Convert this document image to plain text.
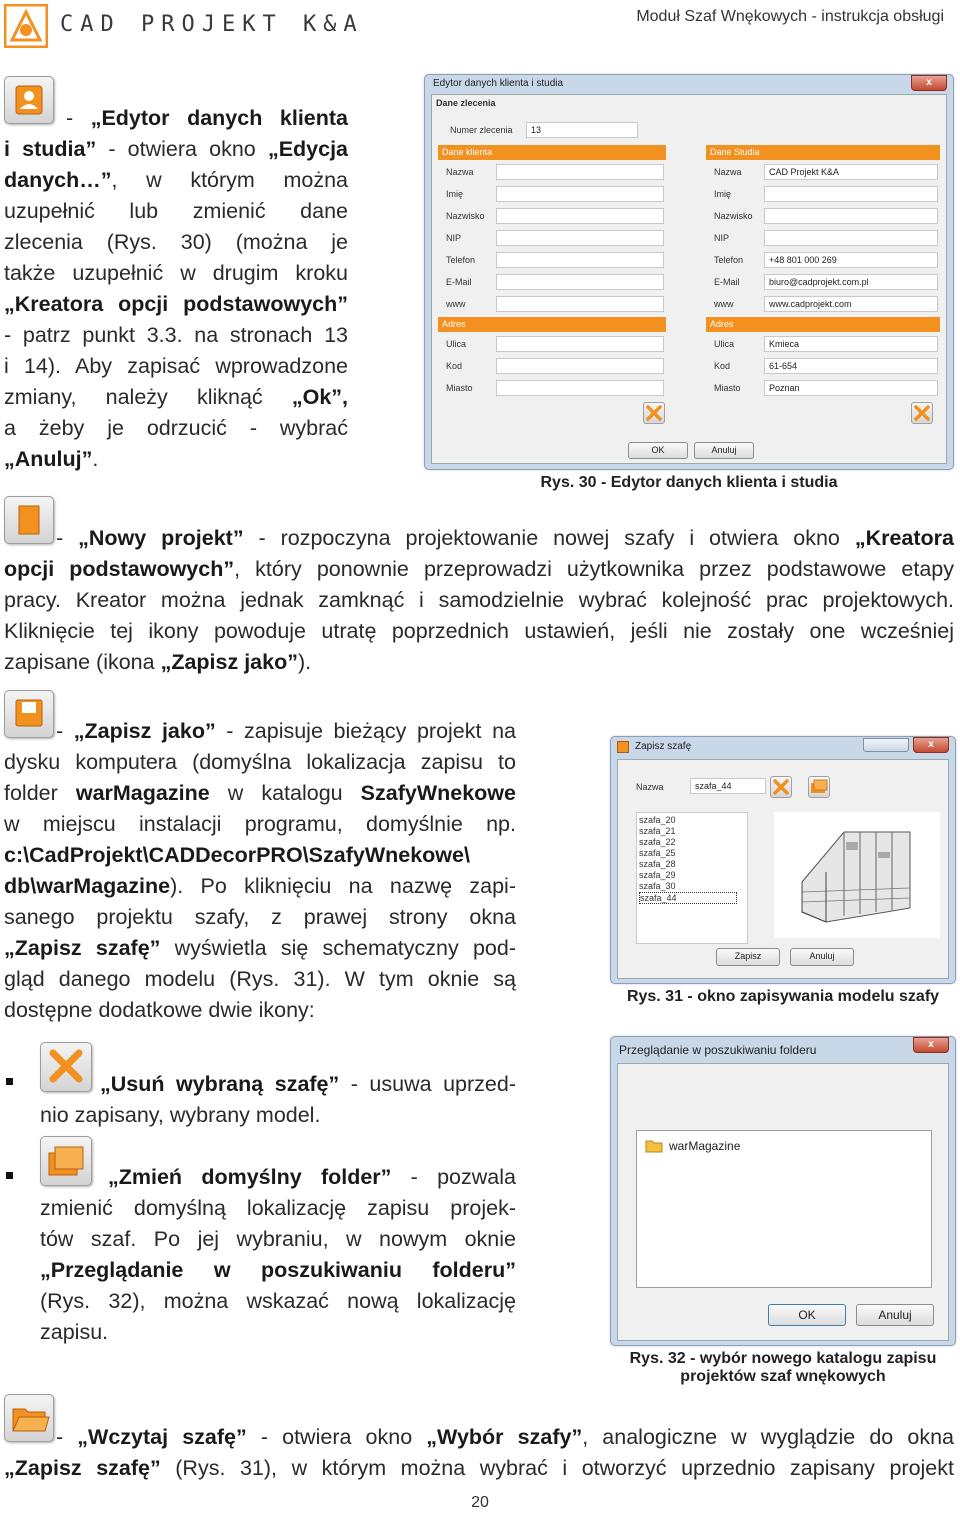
CAD PROJEKT K&A	Moduł Szaf Wnękowych - instrukcja obsługi
- „Edytor danych klienta
i studia” - otwiera okno „Edycja
danych…”, w którym można
uzupełnić lub zmienić dane
zlecenia (Rys. 30) (można je
także uzupełnić w drugim kroku
„Kreatora opcji podstawowych”
- patrz punkt 3.3. na stronach 13
i 14). Aby zapisać wprowadzone
zmiany, należy kliknąć „Ok”,
a żeby je odrzucić - wybrać
„Anuluj”.
Edytor danych klienta i studia	x
Dane zlecenia
Numer zlecenia	13
Dane klienta	Dane Studia
Nazwa
Imię
Nazwisko
NIP
Telefon
E-Mail
www
Adres
Ulica
Kod
Miasto
Nazwa	CAD Projekt K&A
Imię
Nazwisko
NIP
Telefon	+48 801 000 269
E-Mail	biuro@cadprojekt.com.pl
www	www.cadprojekt.com
Adres
Ulica	Kmieca
Kod	61-654
Miasto	Poznan
OK	Anuluj
Rys. 30 - Edytor danych klienta i studia
- „Nowy projekt” - rozpoczyna projektowanie nowej szafy i otwiera okno „Kreatora
opcji podstawowych”, który ponownie przeprowadzi użytkownika przez podstawowe etapy
pracy. Kreator można jednak zamknąć i samodzielnie wybrać kolejność prac projektowych.
Kliknięcie tej ikony powoduje utratę poprzednich ustawień, jeśli nie zostały one wcześniej
zapisane (ikona „Zapisz jako”).
- „Zapisz jako” - zapisuje bieżący projekt na
dysku komputera (domyślna lokalizacja zapisu to
folder warMagazine w katalogu SzafyWnekowe
w miejscu instalacji programu, domyślnie np.
c:\CadProjekt\CADDecorPRO\SzafyWnekowe\
db\warMagazine). Po kliknięciu na nazwę zapi-
sanego projektu szafy, z prawej strony okna
„Zapisz szafę” wyświetla się schematyczny pod-
gląd danego modelu (Rys. 31). W tym oknie są
dostępne dodatkowe dwie ikony:
Zapisz szafę	x
Nazwa	szafa_44
szafa_20
szafa_21
szafa_22
szafa_25
szafa_28
szafa_29
szafa_30
szafa_44
Zapisz	Anuluj
Rys. 31 - okno zapisywania modelu szafy
„Usuń wybraną szafę” - usuwa uprzed-
nio zapisany, wybrany model.
„Zmień domyślny folder” - pozwala
zmienić domyślną lokalizację zapisu projek-
tów szaf. Po jej wybraniu, w nowym oknie
„Przeglądanie w poszukiwaniu folderu”
(Rys. 32), można wskazać nową lokalizację
zapisu.
Przeglądanie w poszukiwaniu folderu	x
warMagazine
OK	Anuluj
Rys. 32 - wybór nowego katalogu zapisu
projektów szaf wnękowych
- „Wczytaj szafę” - otwiera okno „Wybór szafy”, analogiczne w wyglądzie do okna
„Zapisz szafę” (Rys. 31), w którym można wybrać i otworzyć uprzednio zapisany projekt
20
